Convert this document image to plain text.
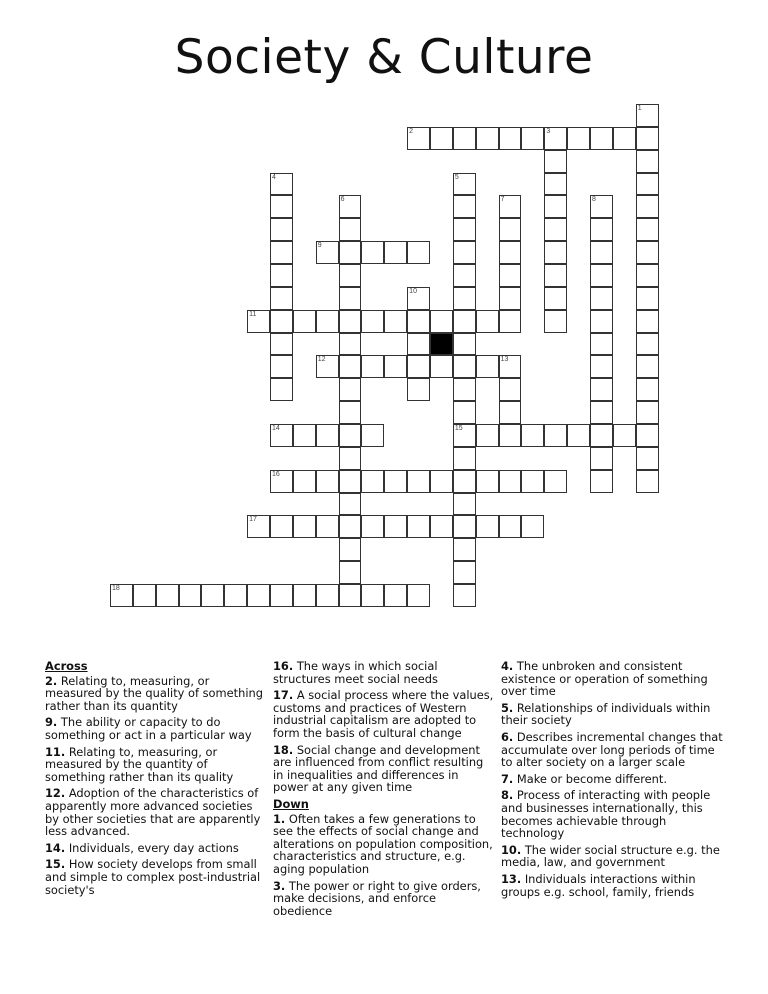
Society & Culture
1
2	3
4	5
15
6	7	8
9
10
11
12	13
14
16
17
18
Across
2. Relating to, measuring, or measured by the quality of something rather than its quantity
9. The ability or capacity to do something or act in a particular way
11. Relating to, measuring, or measured by the quantity of something rather than its quality
12. Adoption of the characteristics of apparently more advanced societies by other societies that are apparently less advanced.
14. Individuals, every day actions
15. How society develops from small and simple to complex post-industrial society's
16. The ways in which social structures meet social needs
17. A social process where the values, customs and practices of Western industrial capitalism are adopted to form the basis of cultural change
18. Social change and development are influenced from conflict resulting in inequalities and differences in power at any given time
Down
1. Often takes a few generations to see the effects of social change and alterations on population composition, characteristics and structure, e.g. aging population
3. The power or right to give orders, make decisions, and enforce obedience
4. The unbroken and consistent existence or operation of something over time
5. Relationships of individuals within their society
6. Describes incremental changes that accumulate over long periods of time to alter society on a larger scale
7. Make or become different.
8. Process of interacting with people and businesses internationally, this becomes achievable through technology
10. The wider social structure e.g. the media, law, and government
13. Individuals interactions within groups e.g. school, family, friends
